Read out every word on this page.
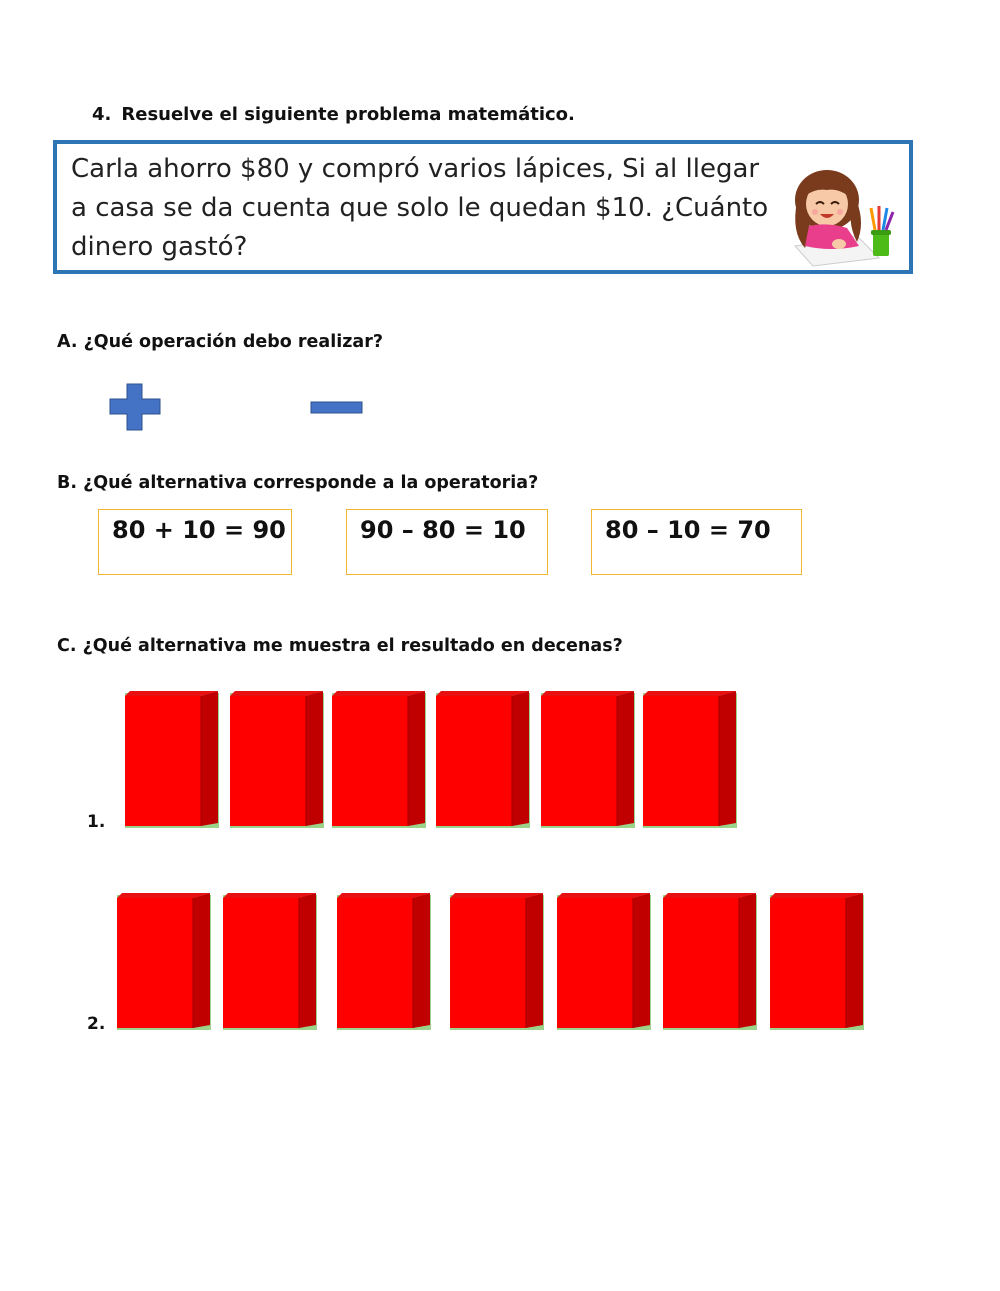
4. Resuelve el siguiente problema matemático.
Carla ahorro $80 y compró varios lápices, Si al llegar a casa se da cuenta que solo le quedan $10. ¿Cuánto dinero gastó?
A. ¿Qué operación debo realizar?
B. ¿Qué alternativa corresponde a la operatoria?
80 + 10 = 90	90 – 80 = 10	80 – 10 = 70
C. ¿Qué alternativa me muestra el resultado en decenas?
1.
2.
